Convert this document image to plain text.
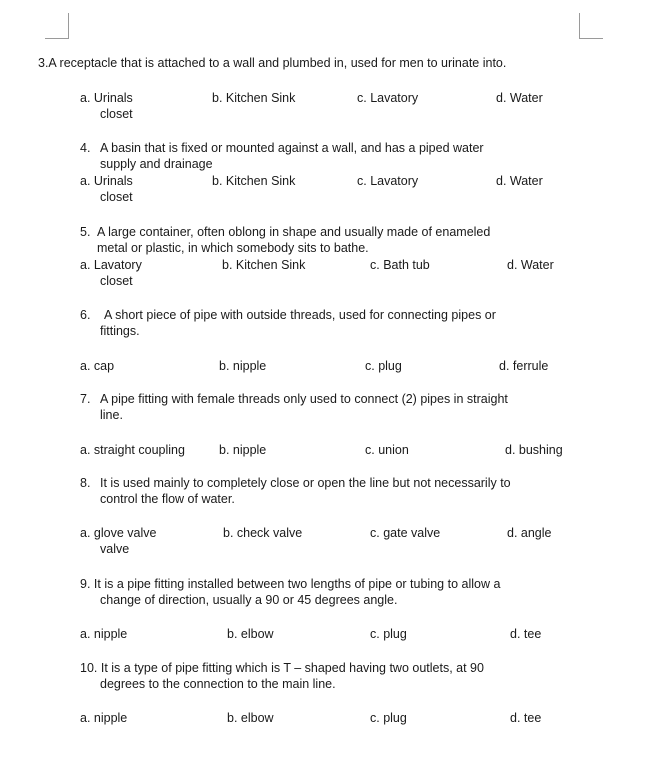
3.A receptacle that is attached to a wall and plumbed in, used for men to urinate into.
a. Urinals
closet
b. Kitchen Sink	c. Lavatory	d. Water
4. A basin that is fixed or mounted against a wall, and has a piped water
supply and drainage
a. Urinals
closet
b. Kitchen Sink	c. Lavatory	d. Water
5. A large container, often oblong in shape and usually made of enameled
metal or plastic, in which somebody sits to bathe.
a. Lavatory
closet
b. Kitchen Sink	c. Bath tub	d. Water
6. A short piece of pipe with outside threads, used for connecting pipes or
fittings.
a. cap	b. nipple	c. plug	d. ferrule
7. A pipe fitting with female threads only used to connect (2) pipes in straight
line.
a. straight coupling	b. nipple	c. union	d. bushing
8. It is used mainly to completely close or open the line but not necessarily to
control the flow of water.
a. glove valve
valve
b. check valve	c. gate valve	d. angle
9. It is a pipe fitting installed between two lengths of pipe or tubing to allow a
change of direction, usually a 90 or 45 degrees angle.
a. nipple	b. elbow	c. plug	d. tee
10. It is a type of pipe fitting which is T – shaped having two outlets, at 90
degrees to the connection to the main line.
a. nipple	b. elbow	c. plug	d. tee
